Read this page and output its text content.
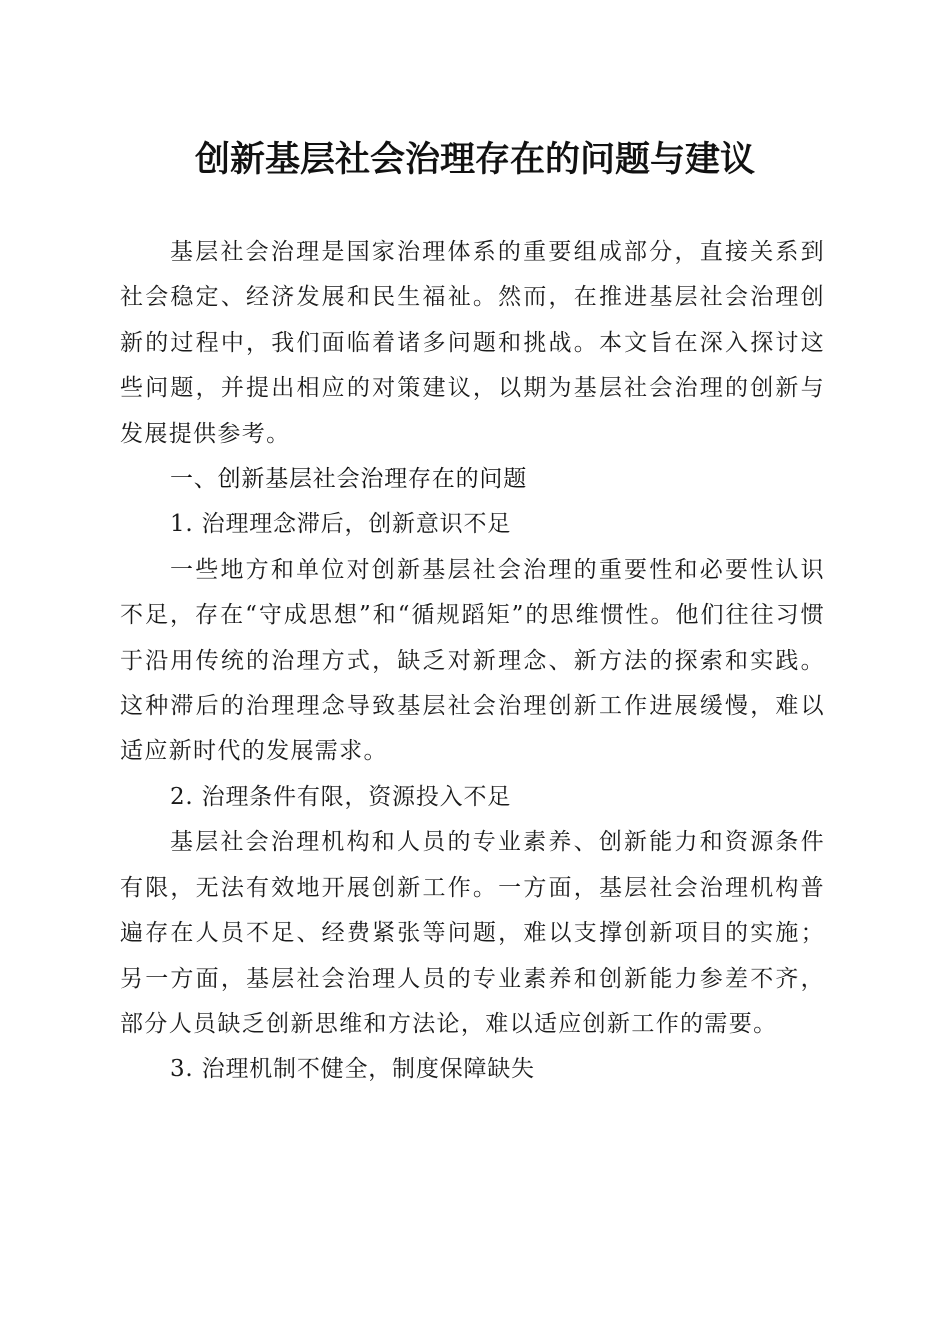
创新基层社会治理存在的问题与建议

基层社会治理是国家治理体系的重要组成部分，直接关系到社会稳定、经济发展和民生福祉。然而，在推进基层社会治理创新的过程中，我们面临着诸多问题和挑战。本文旨在深入探讨这些问题，并提出相应的对策建议，以期为基层社会治理的创新与发展提供参考。

一、创新基层社会治理存在的问题

1. 治理理念滞后，创新意识不足

一些地方和单位对创新基层社会治理的重要性和必要性认识不足，存在“守成思想”和“循规蹈矩”的思维惯性。他们往往习惯于沿用传统的治理方式，缺乏对新理念、新方法的探索和实践。这种滞后的治理理念导致基层社会治理创新工作进展缓慢，难以适应新时代的发展需求。

2. 治理条件有限，资源投入不足

基层社会治理机构和人员的专业素养、创新能力和资源条件有限，无法有效地开展创新工作。一方面，基层社会治理机构普遍存在人员不足、经费紧张等问题，难以支撑创新项目的实施；另一方面，基层社会治理人员的专业素养和创新能力参差不齐，部分人员缺乏创新思维和方法论，难以适应创新工作的需要。

3. 治理机制不健全，制度保障缺失
